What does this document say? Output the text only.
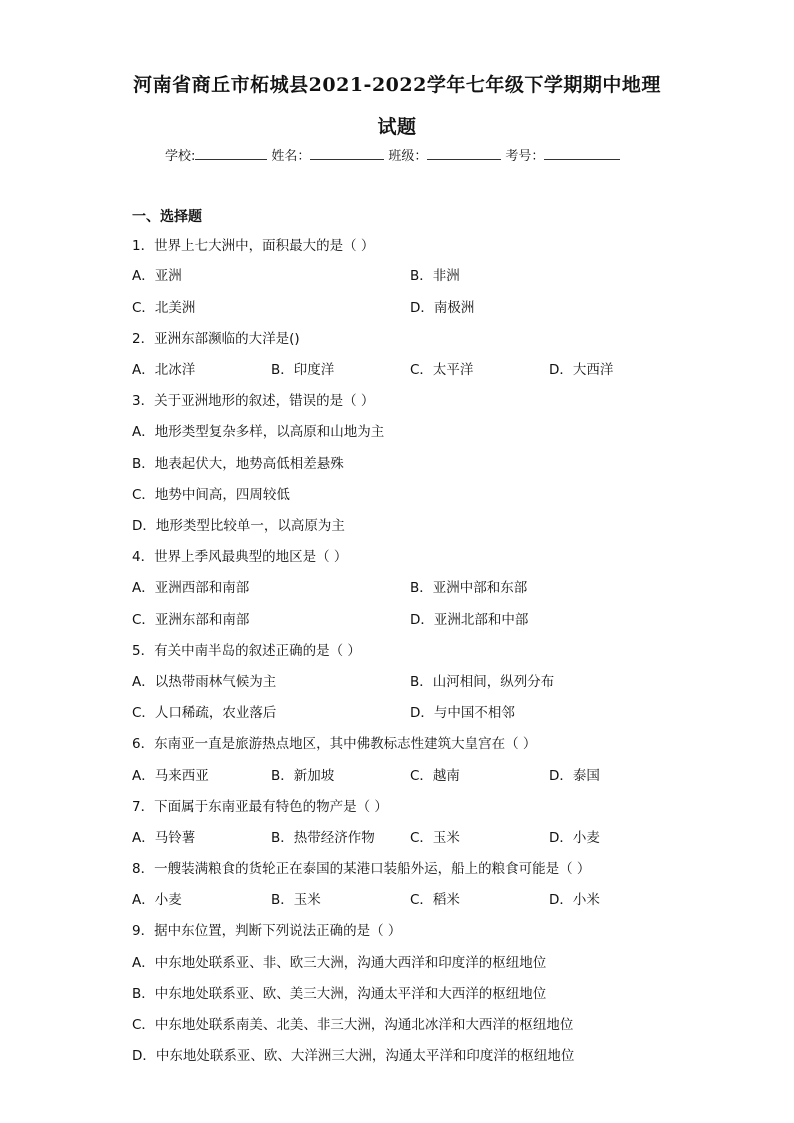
河南省商丘市柘城县2021-2022学年七年级下学期期中地理
试题
学校:	姓名：	班级：	考号：
一、选择题
1．世界上七大洲中，面积最大的是（ ）
A．亚洲	B．非洲
C．北美洲	D．南极洲
2．亚洲东部濒临的大洋是()
A．北冰洋	B．印度洋	C．太平洋	D．大西洋
3．关于亚洲地形的叙述，错误的是（ ）
A．地形类型复杂多样，以高原和山地为主
B．地表起伏大，地势高低相差悬殊
C．地势中间高，四周较低
D．地形类型比较单一，以高原为主
4．世界上季风最典型的地区是（ ）
A．亚洲西部和南部	B．亚洲中部和东部
C．亚洲东部和南部	D．亚洲北部和中部
5．有关中南半岛的叙述正确的是（ ）
A．以热带雨林气候为主	B．山河相间，纵列分布
C．人口稀疏，农业落后	D．与中国不相邻
6．东南亚一直是旅游热点地区，其中佛教标志性建筑大皇宫在（ ）
A．马来西亚	B．新加坡	C．越南	D．泰国
7．下面属于东南亚最有特色的物产是（ ）
A．马铃薯	B．热带经济作物	C．玉米	D．小麦
8．一艘装满粮食的货轮正在泰国的某港口装船外运，船上的粮食可能是（ ）
A．小麦	B．玉米	C．稻米	D．小米
9．据中东位置，判断下列说法正确的是（ ）
A．中东地处联系亚、非、欧三大洲，沟通大西洋和印度洋的枢纽地位
B．中东地处联系亚、欧、美三大洲，沟通太平洋和大西洋的枢纽地位
C．中东地处联系南美、北美、非三大洲，沟通北冰洋和大西洋的枢纽地位
D．中东地处联系亚、欧、大洋洲三大洲，沟通太平洋和印度洋的枢纽地位
